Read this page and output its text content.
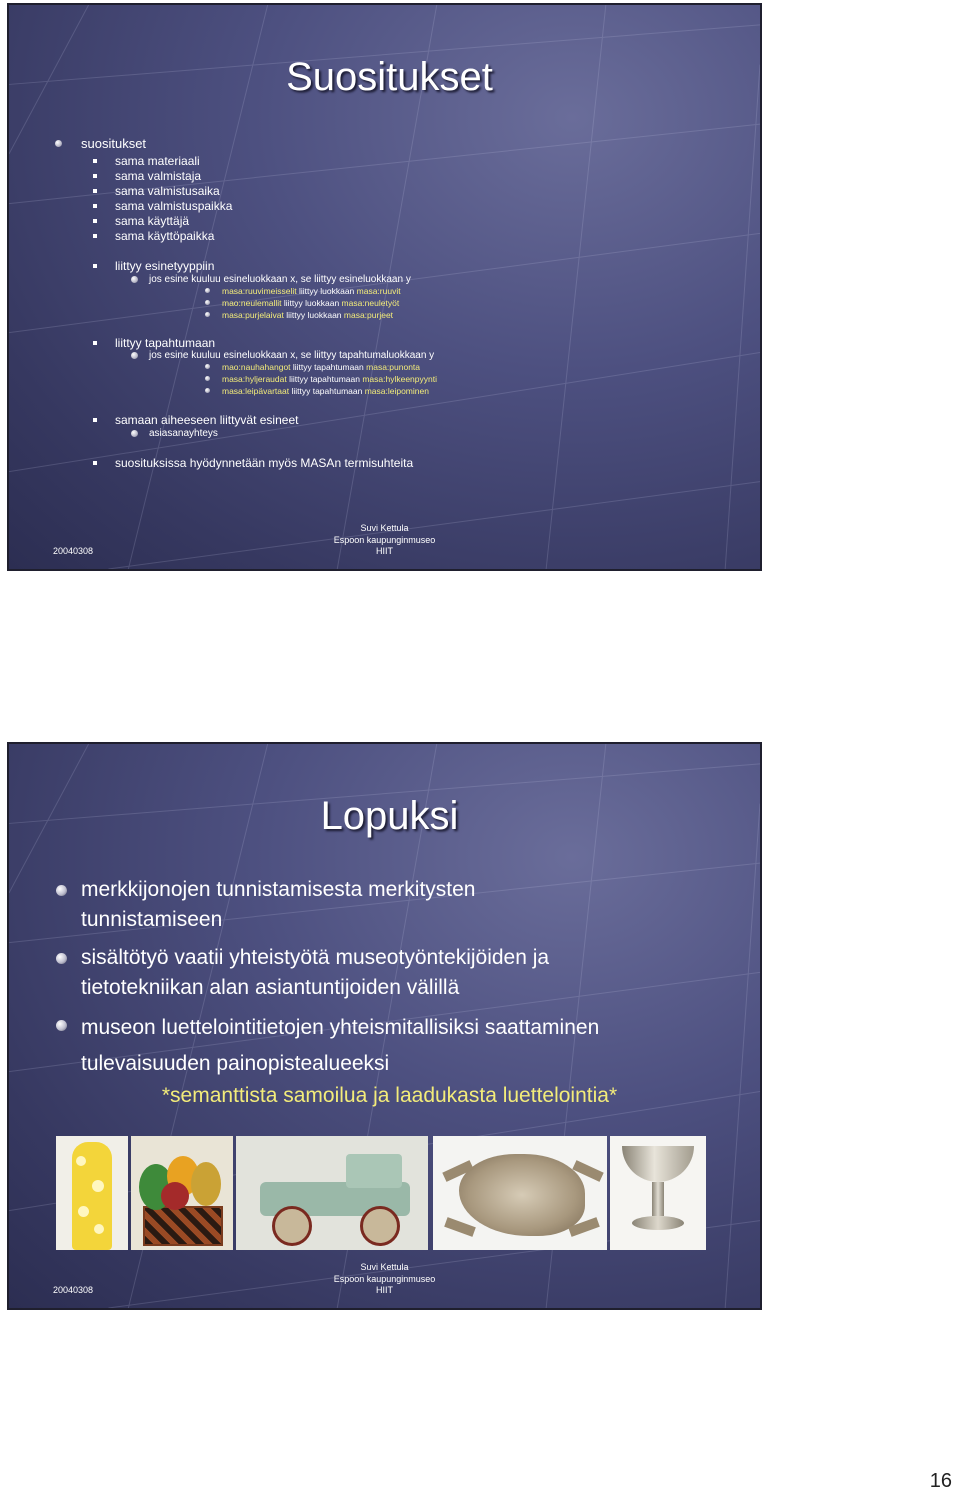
Suositukset
suositukset
sama materiaali
sama valmistaja
sama valmistusaika
sama valmistuspaikka
sama käyttäjä
sama käyttöpaikka
liittyy esinetyyppiin
jos esine kuuluu esineluokkaan x, se liittyy esineluokkaan y
masa:ruuvimeisselit liittyy luokkaan masa:ruuvit
mao:neulemallit liittyy luokkaan masa:neuletyöt
masa:purjelaivat liittyy luokkaan masa:purjeet
liittyy tapahtumaan
jos esine kuuluu esineluokkaan x, se liittyy tapahtumaluokkaan y
mao:nauhahangot liittyy tapahtumaan masa:punonta
masa:hyljeraudat liittyy tapahtumaan masa:hylkeenpyynti
masa:leipävartaat liittyy tapahtumaan masa:leipominen
samaan aiheeseen liittyvät esineet
asiasanayhteys
suosituksissa hyödynnetään myös MASAn termisuhteita
20040308
Suvi Kettula
Espoon kaupunginmuseo
HIIT
Lopuksi
merkkijonojen tunnistamisesta merkitysten
tunnistamiseen
sisältötyö vaatii yhteistyötä museotyöntekijöiden ja
tietotekniikan alan asiantuntijoiden välillä
museon luettelointitietojen yhteismitallisiksi saattaminen
tulevaisuuden painopistealueeksi
*semanttista samoilua ja laadukasta luettelointia*
20040308
Suvi Kettula
Espoon kaupunginmuseo
HIIT
16
